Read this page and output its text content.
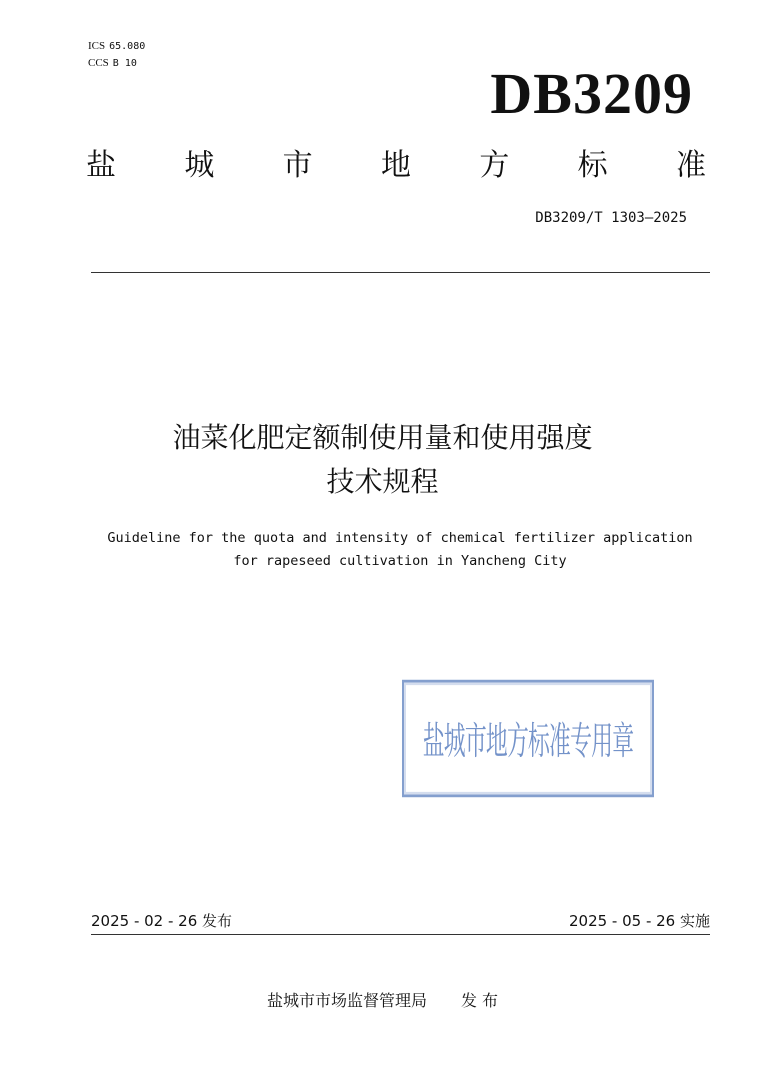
ICS 65.080
CCS B 10	DB3209
盐 城 市 地 方 标 准
DB3209/T 1303—2025
油菜化肥定额制使用量和使用强度
技术规程
Guideline for the quota and intensity of chemical fertilizer application
for rapeseed cultivation in Yancheng City
盐城市地方标准专用章
2025 - 02 - 26 发布	2025 - 05 - 26 实施
盐城市市场监督管理局 发 布
